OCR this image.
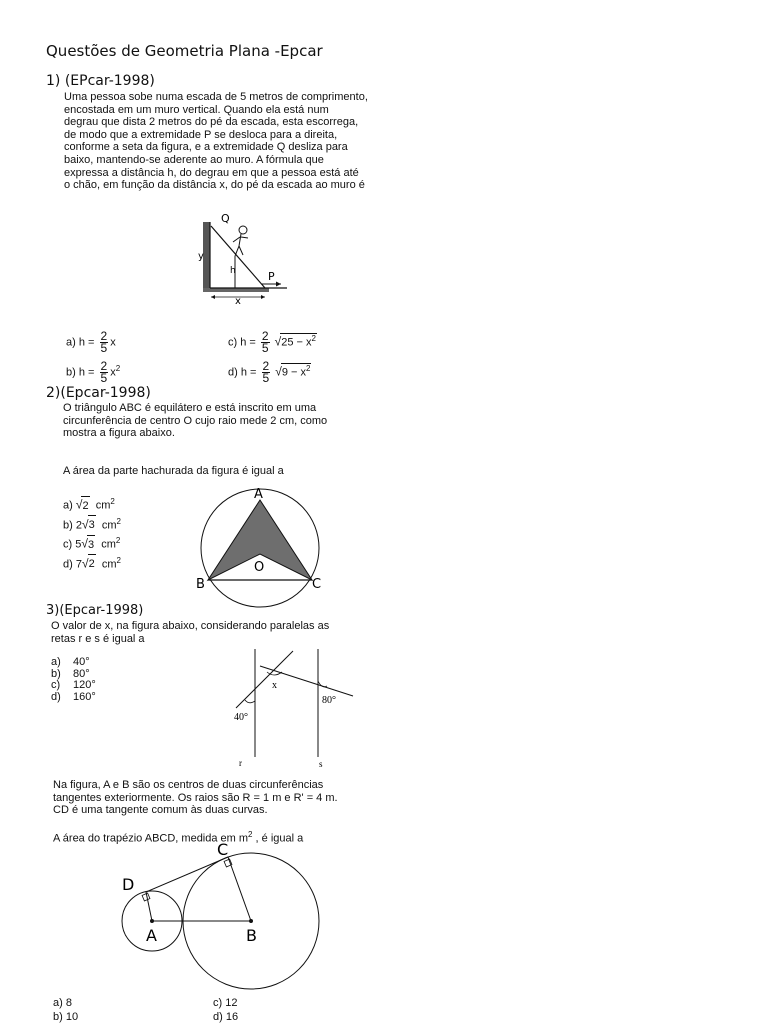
Questões de Geometria Plana -Epcar
1) (EPcar-1998)
Uma pessoa sobe numa escada de 5 metros de comprimento,
encostada em um muro vertical. Quando ela está num
degrau que dista 2 metros do pé da escada, esta escorrega,
de modo que a extremidade P se desloca para a direita,
conforme a seta da figura, e a extremidade Q desliza para
baixo, mantendo-se aderente ao muro. A fórmula que
expressa a distância h, do degrau em que a pessoa está até
o chão, em função da distância x, do pé da escada ao muro é
Q
y
h	P
x
a) $h = \frac{2}{5}$ x
b) $h = \frac{2}{5} x^2$
c) $h = \frac{2}{5} √25 - x^2$
d) $h = \frac{2}{5} √9 - x^2$
2)(Epcar-1998)
O triângulo ABC é equilátero e está inscrito em uma
circunferência de centro O cujo raio mede 2 cm, como
mostra a figura abaixo.
A área da parte hachurada da figura é igual a
a) √2 $cm^2$
b) 2√3 $cm^2$
c) 5√3 $cm^2$
d) 7√2 $cm^2$
A
B	C
O
3)(Epcar-1998)
O valor de x, na figura abaixo, considerando paralelas as
retas r e s é igual a
a) 40°
b) 80°
c) 120°
d) 160°
x
40°
80°
r	s
Na figura, A e B são os centros de duas circunferências
tangentes exteriormente. Os raios são R = 1 m e R' = 4 m.
CD é uma tangente comum às duas curvas.
A área do trapézio ABCD, medida em $m^2$ , é igual a
A	B
C
D
a) 8
b) 10
c) 12
d) 16
